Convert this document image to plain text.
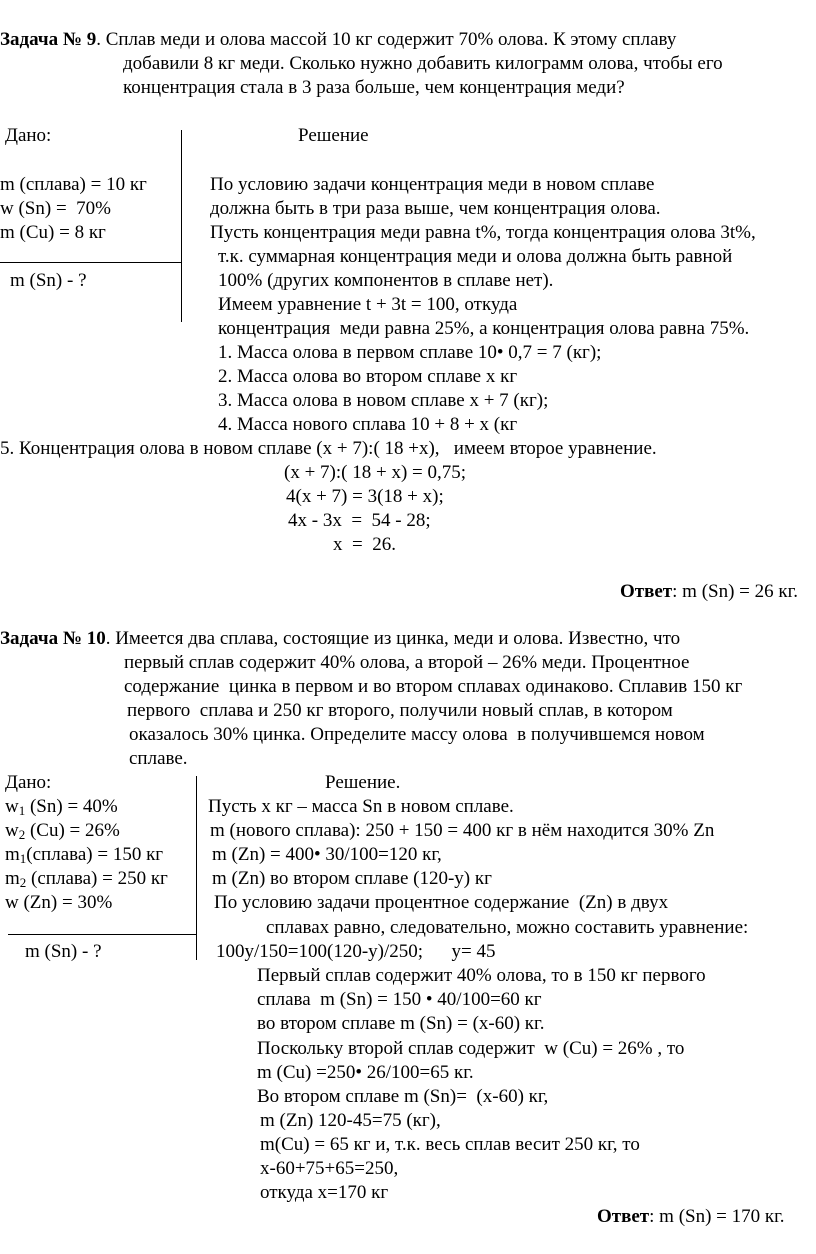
Задача № 9. Сплав меди и олова массой 10 кг содержит 70% олова. К этому сплаву
добавили 8 кг меди. Сколько нужно добавить килограмм олова, чтобы его
концентрация стала в 3 раза больше, чем концентрация меди?
Дано:	Решение
m (сплава) = 10 кг
w (Sn) =  70%
m (Cu) = 8 кг
m (Sn) - ?
По условию задачи концентрация меди в новом сплаве
должна быть в три раза выше, чем концентрация олова.
Пусть концентрация меди равна t%, тогда концентрация олова 3t%,
т.к. суммарная концентрация меди и олова должна быть равной
100% (других компонентов в сплаве нет).
Имеем уравнение t + 3t = 100, откуда
концентрация  меди равна 25%, а концентрация олова равна 75%.
1. Масса олова в первом сплаве 10• 0,7 = 7 (кг);
2. Масса олова во втором сплаве х кг
3. Масса олова в новом сплаве х + 7 (кг);
4. Масса нового сплава 10 + 8 + х (кг
5. Концентрация олова в новом сплаве (х + 7):( 18 +х),   имеем второе уравнение.
(х + 7):( 18 + х) = 0,75;
4(х + 7) = 3(18 + х);
4х - 3х  =  54 - 28;
х  =  26.
Ответ: m (Sn) = 26 кг.
Задача № 10. Имеется два сплава, состоящие из цинка, меди и олова. Известно, что
первый сплав содержит 40% олова, а второй – 26% меди. Процентное
содержание  цинка в первом и во втором сплавах одинаково. Сплавив 150 кг
первого  сплава и 250 кг второго, получили новый сплав, в котором
оказалось 30% цинка. Определите массу олова  в получившемся новом
сплаве.
Дано:	Решение.
$w_1$ (Sn) = 40%
$w_2$ (Cu) = 26%
$m_1(сплава) = 150$ кг
$m_2$ (сплава) = 250 кг
w (Zn) = 30%
m (Sn) - ?
Пусть х кг – масса Sn в новом сплаве.
m (нового сплава): 250 + 150 = 400 кг в нём находится 30% Zn
m (Zn) = 400• 30/100=120 кг,
m (Zn) во втором сплаве (120-у) кг
По условию задачи процентное содержание  (Zn) в двух
сплавах равно, следовательно, можно составить уравнение:
100у/150=100(120-у)/250;      у= 45
Первый сплав содержит 40% олова, то в 150 кг первого
сплава  m (Sn) = 150 • 40/100=60 кг
во втором сплаве m (Sn) = (х-60) кг.
Поскольку второй сплав содержит  w (Cu) = 26% , то
m (Cu) =250• 26/100=65 кг.
Во втором сплаве m (Sn)=  (х-60) кг,
m (Zn) 120-45=75 (кг),
m(Cu) = 65 кг и, т.к. весь сплав весит 250 кг, то
х-60+75+65=250,
откуда х=170 кг
Ответ: m (Sn) = 170 кг.
